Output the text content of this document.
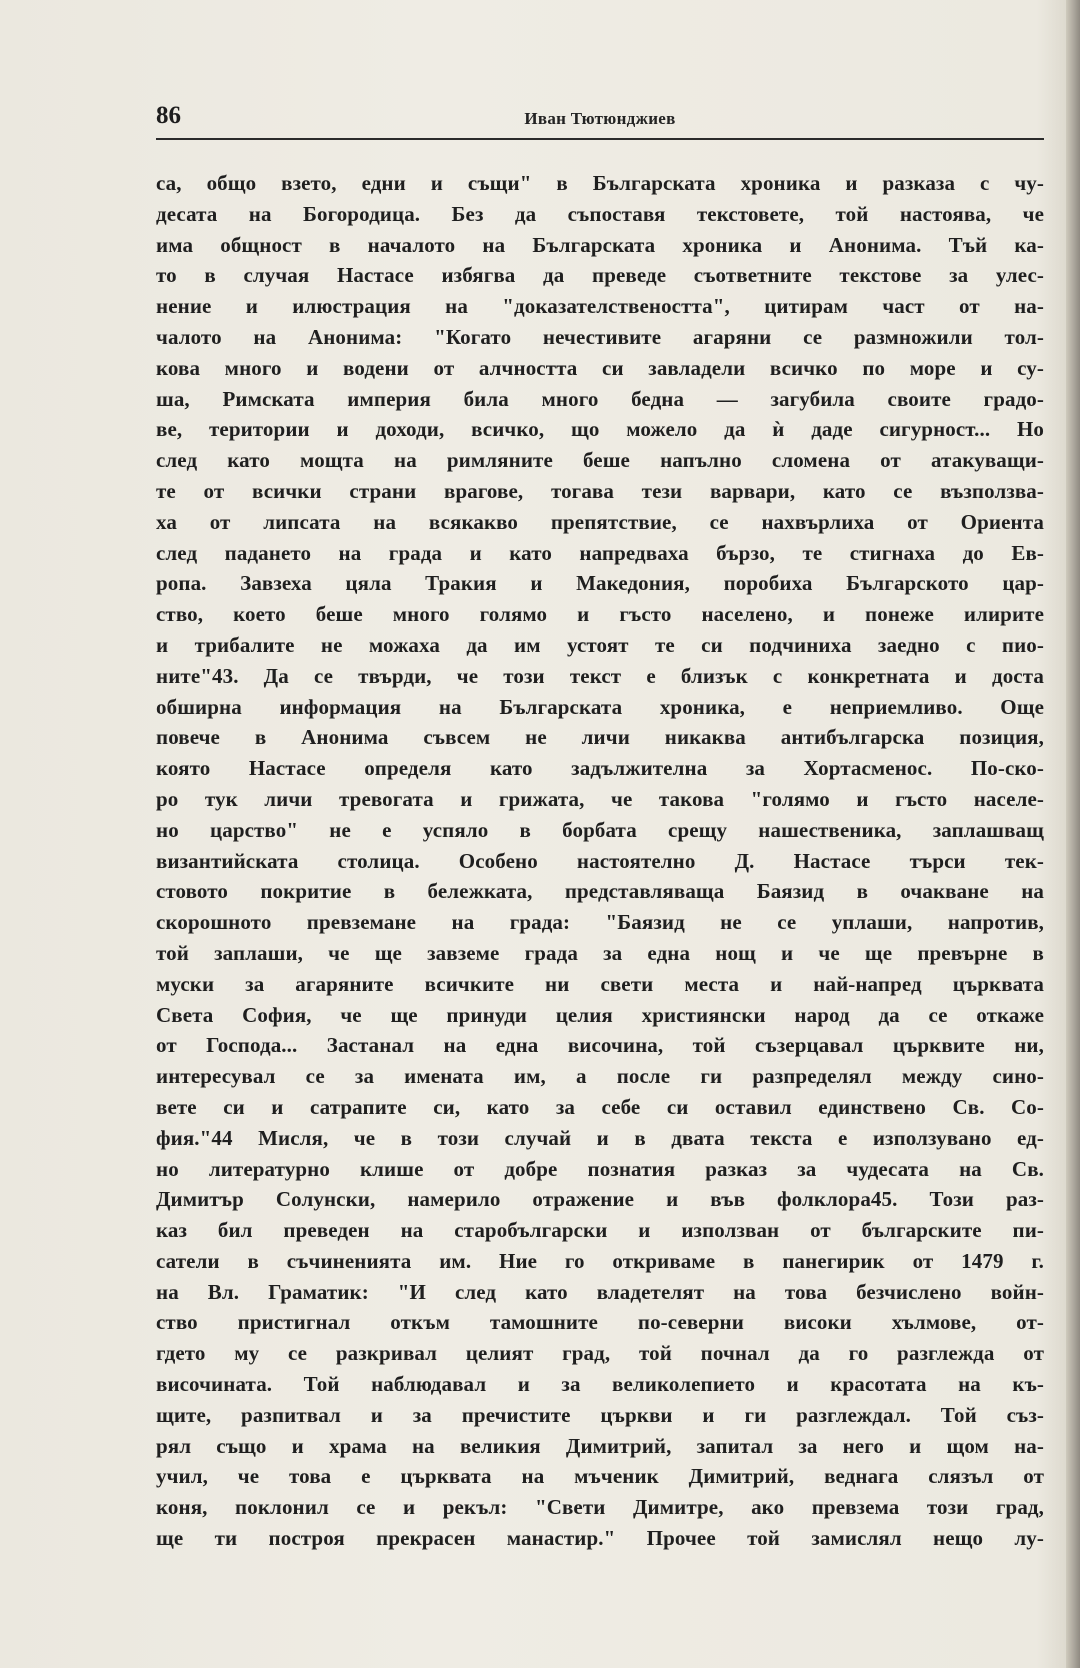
86	Иван Тютюнджиев
са, общо взето, едни и същи" в Българската хроника и разказа с чу-
десата на Богородица. Без да съпоставя текстовете, той настоява, че
има общност в началото на Българската хроника и Анонима. Тъй ка-
то в случая Настасе избягва да преведе съответните текстове за улес-
нение и илюстрация на "доказателствеността", цитирам част от на-
чалото на Анонима: "Когато нечестивите агаряни се размножили тол-
кова много и водени от алчността си завладели всичко по море и су-
ша, Римската империя била много бедна — загубила своите градо-
ве, територии и доходи, всичко, що можело да ѝ даде сигурност... Но
след като мощта на римляните беше напълно сломена от атакуващи-
те от всички страни врагове, тогава тези варвари, като се възползва-
ха от липсата на всякакво препятствие, се нахвърлиха от Ориента
след падането на града и като напредваха бързо, те стигнаха до Ев-
ропа. Завзеха цяла Тракия и Македония, поробиха Българското цар-
ство, което беше много голямо и гъсто населено, и понеже илирите
и трибалите не можаха да им устоят те си подчиниха заедно с пио-
ните"43. Да се твърди, че този текст е близък с конкретната и доста
обширна информация на Българската хроника, е неприемливо. Още
повече в Анонима съвсем не личи никаква антибългарска позиция,
която Настасе определя като задължителна за Хортасменос. По-ско-
ро тук личи тревогата и грижата, че такова "голямо и гъсто населе-
но царство" не е успяло в борбата срещу нашественика, заплашващ
византийската столица. Особено настоятелно Д. Настасе търси тек-
стовото покритие в бележката, представляваща Баязид в очакване на
скорошното превземане на града: "Баязид не се уплаши, напротив,
той заплаши, че ще завземе града за една нощ и че ще превърне в
муски за агаряните всичките ни свети места и най-напред църквата
Света София, че ще принуди целия християнски народ да се откаже
от Господа... Застанал на една височина, той съзерцавал църквите ни,
интересувал се за имената им, а после ги разпределял между сино-
вете си и сатрапите си, като за себе си оставил единствено Св. Со-
фия."44 Мисля, че в този случай и в двата текста е използувано ед-
но литературно клише от добре познатия разказ за чудесата на Св.
Димитър Солунски, намерило отражение и във фолклора45. Този раз-
каз бил преведен на старобългарски и използван от българските пи-
сатели в съчиненията им. Ние го откриваме в панегирик от 1479 г.
на Вл. Граматик: "И след като владетелят на това безчислено войн-
ство пристигнал откъм тамошните по-северни високи хълмове, от-
гдето му се разкривал целият град, той почнал да го разглежда от
височината. Той наблюдавал и за великолепието и красотата на къ-
щите, разпитвал и за пречистите църкви и ги разглеждал. Той съз-
рял също и храма на великия Димитрий, запитал за него и щом на-
учил, че това е църквата на мъченик Димитрий, веднага слязъл от
коня, поклонил се и рекъл: "Свети Димитре, ако превзема този град,
ще ти построя прекрасен манастир." Прочее той замислял нещо лу-
